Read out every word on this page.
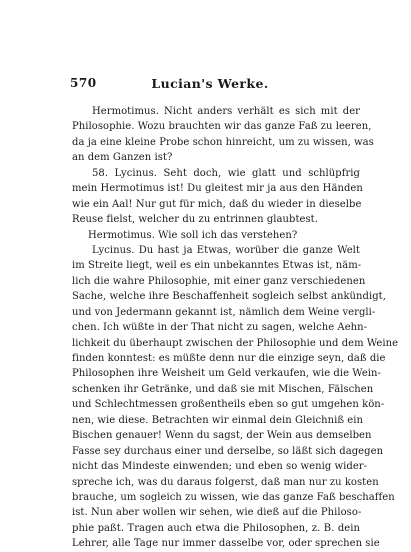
570	Lucian's Werke.
Hermotimus. Nicht anders verhält es sich mit der
Philosophie. Wozu brauchten wir das ganze Faß zu leeren,
da ja eine kleine Probe schon hinreicht, um zu wissen, was
an dem Ganzen ist?
58. Lycinus. Seht doch, wie glatt und schlüpfrig
mein Hermotimus ist! Du gleitest mir ja aus den Händen
wie ein Aal! Nur gut für mich, daß du wieder in dieselbe
Reuse fielst, welcher du zu entrinnen glaubtest.
Hermotimus. Wie soll ich das verstehen?
Lycinus. Du hast ja Etwas, worüber die ganze Welt
im Streite liegt, weil es ein unbekanntes Etwas ist, näm-
lich die wahre Philosophie, mit einer ganz verschiedenen
Sache, welche ihre Beschaffenheit sogleich selbst ankündigt,
und von Jedermann gekannt ist, nämlich dem Weine vergli-
chen. Ich wüßte in der That nicht zu sagen, welche Aehn-
lichkeit du überhaupt zwischen der Philosophie und dem Weine
finden konntest: es müßte denn nur die einzige seyn, daß die
Philosophen ihre Weisheit um Geld verkaufen, wie die Wein-
schenken ihr Getränke, und daß sie mit Mischen, Fälschen
und Schlechtmessen großentheils eben so gut umgehen kön-
nen, wie diese. Betrachten wir einmal dein Gleichniß ein
Bischen genauer! Wenn du sagst, der Wein aus demselben
Fasse sey durchaus einer und derselbe, so läßt sich dagegen
nicht das Mindeste einwenden; und eben so wenig wider-
spreche ich, was du daraus folgerst, daß man nur zu kosten
brauche, um sogleich zu wissen, wie das ganze Faß beschaffen
ist. Nun aber wollen wir sehen, wie dieß auf die Philoso-
phie paßt. Tragen auch etwa die Philosophen, z. B. dein
Lehrer, alle Tage nur immer dasselbe vor, oder sprechen sie
